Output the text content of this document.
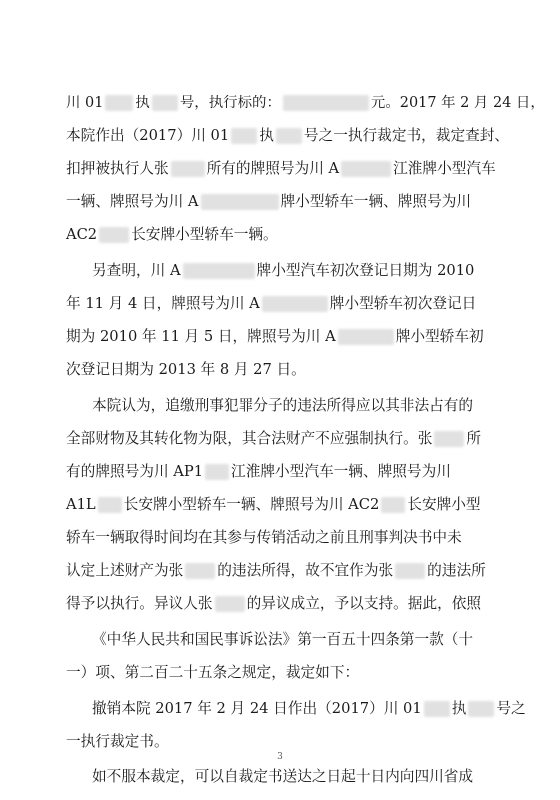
川 01执 号，执行标的：	元。2017 年 2 月 24 日，
本院作出（2017）川 01执 号之一执行裁定书，裁定查封、
扣押被执行人张	所有的牌照号为川 A	江淮牌小型汽车
一辆、牌照号为川 A	牌小型轿车一辆、牌照号为川
AC2 长安牌小型轿车一辆。
另查明，川 A	牌小型汽车初次登记日期为 2010
年 11 月 4 日，牌照号为川 A	牌小型轿车初次登记日
期为 2010 年 11 月 5 日，牌照号为川 A	牌小型轿车初
次登记日期为 2013 年 8 月 27 日。
本院认为，追缴刑事犯罪分子的违法所得应以其非法占有的
全部财物及其转化物为限，其合法财产不应强制执行。张 所
有的牌照号为川 AP1 江淮牌小型汽车一辆、牌照号为川
A1L 长安牌小型轿车一辆、牌照号为川 AC2 长安牌小型
轿车一辆取得时间均在其参与传销活动之前且刑事判决书中未
认定上述财产为张 的违法所得，故不宜作为张 的违法所
得予以执行。异议人张 的异议成立，予以支持。据此，依照
《中华人民共和国民事诉讼法》第一百五十四条第一款（十
一）项、第二百二十五条之规定，裁定如下：
撤销本院 2017 年 2 月 24 日作出（2017）川 01执 号之
一执行裁定书。
如不服本裁定，可以自裁定书送达之日起十日内向四川省成
3
